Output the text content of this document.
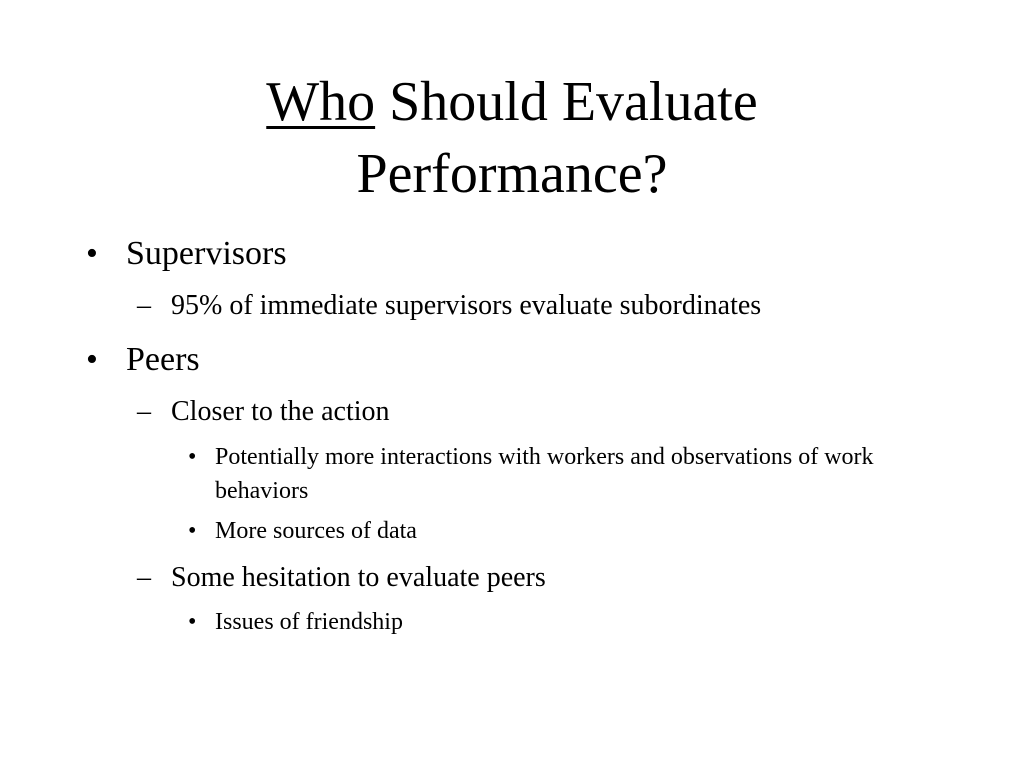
Who Should Evaluate
Performance?
• Supervisors
– 95% of immediate supervisors evaluate subordinates
• Peers
– Closer to the action
• Potentially more interactions with workers and observations of work behaviors
• More sources of data
– Some hesitation to evaluate peers
• Issues of friendship
